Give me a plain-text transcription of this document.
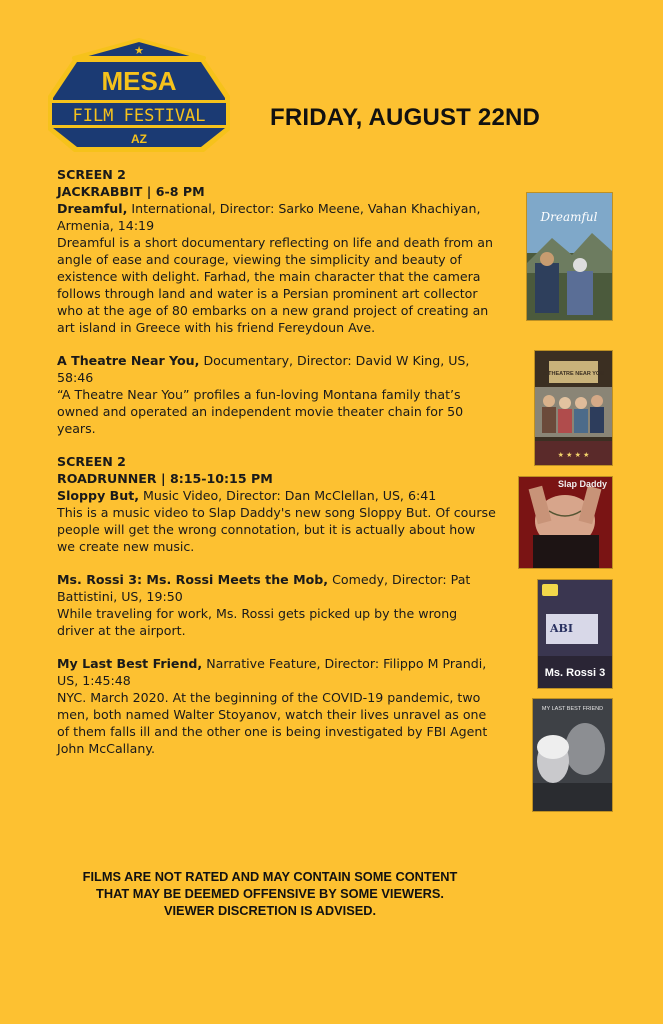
★
MESA
FILM FESTIVAL
AZ
FRIDAY, AUGUST 22ND

SCREEN 2

JACKRABBIT | 6-8 PM

Dreamful, International, Director: Sarko Meene, Vahan Khachiyan, Armenia, 14:19

Dreamful is a short documentary reflecting on life and death from an angle of ease and courage, viewing the simplicity and beauty of existence with delight. Farhad, the main character that the camera follows through land and water is a Persian prominent art collector who at the age of 80 embarks on a new grand project of creating an art island in Greece with his friend Fereydoun Ave.

A Theatre Near You, Documentary, Director: David W King, US, 58:46

“A Theatre Near You” profiles a fun-loving Montana family that’s owned and operated an independent movie theater chain for 50 years.

SCREEN 2

ROADRUNNER | 8:15-10:15 PM

Sloppy But, Music Video, Director: Dan McClellan, US, 6:41

This is a music video to Slap Daddy's new song Sloppy But. Of course people will get the wrong connotation, but it is actually about how we create new music.

Ms. Rossi 3: Ms. Rossi Meets the Mob, Comedy, Director: Pat Battistini, US, 19:50

While traveling for work, Ms. Rossi gets picked up by the wrong driver at the airport.

My Last Best Friend, Narrative Feature, Director: Filippo M Prandi, US, 1:45:48

NYC. March 2020. At the beginning of the COVID-19 pandemic, two men, both named Walter Stoyanov, watch their lives unravel as one of them falls ill and the other one is being investigated by FBI Agent John McCallany.

Dreamful
A THEATRE NEAR YOU
★ ★ ★ ★
Slap Daddy
ABI
Ms. Rossi 3
MY LAST BEST FRIEND

FILMS ARE NOT RATED AND MAY CONTAIN SOME CONTENT THAT MAY BE DEEMED OFFENSIVE BY SOME VIEWERS.

VIEWER DISCRETION IS ADVISED.
